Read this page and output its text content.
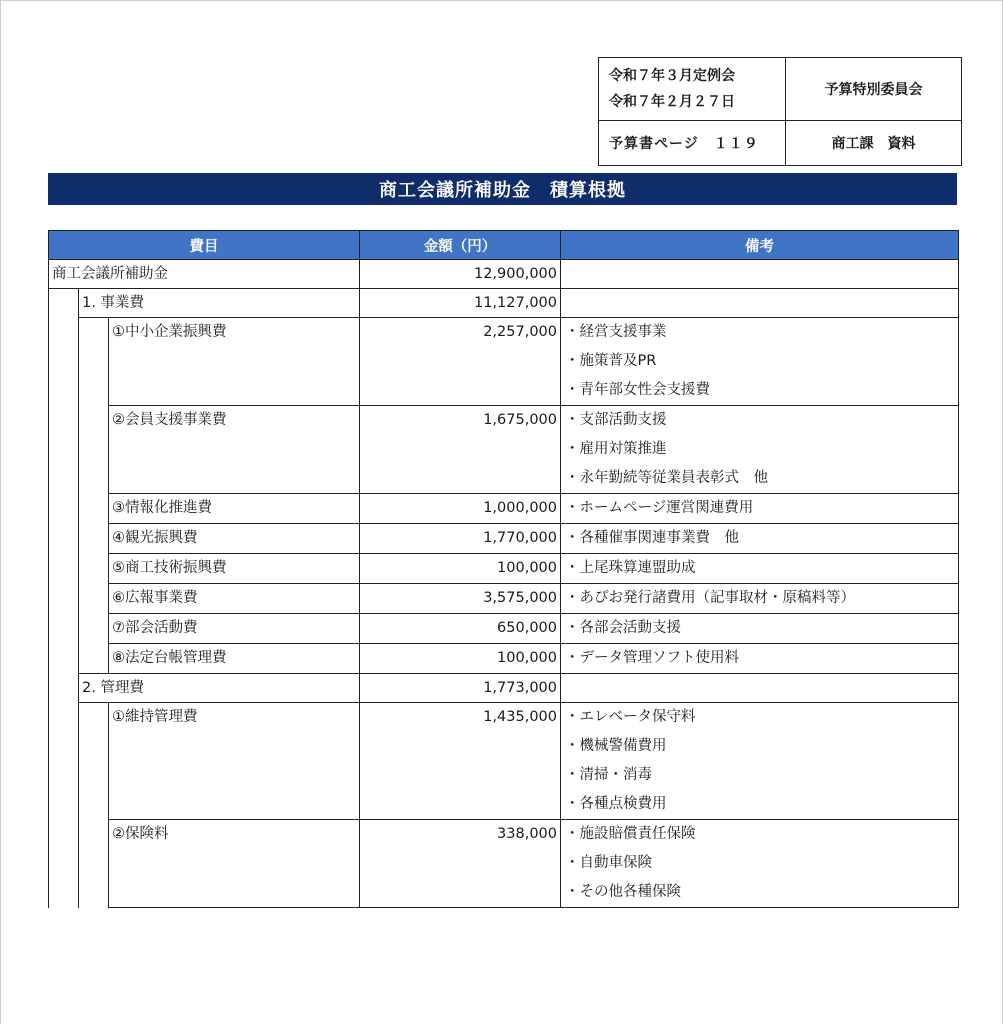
令和７年３月定例会
令和７年２月２７日	予算特別委員会
予算書ページ　１１９	商工課　資料
商工会議所補助金　積算根拠
費目			金額（円）	備考
商工会議所補助金			12,900,000	
	1. 事業費		11,127,000	
		①中小企業振興費	2,257,000	・経営支援事業
・施策普及PR
・青年部女性会支援費

		②会員支援事業費	1,675,000	・支部活動支援
・雇用対策推進
・永年勤続等従業員表彰式　他

		③情報化推進費	1,000,000	・ホームページ運営関連費用

		④観光振興費	1,770,000	・各種催事関連事業費　他

		⑤商工技術振興費	100,000	・上尾珠算連盟助成

		⑥広報事業費	3,575,000	・あぴお発行諸費用（記事取材・原稿料等）

		⑦部会活動費	650,000	・各部会活動支援

		⑧法定台帳管理費	100,000	・データ管理ソフト使用料

	2. 管理費		1,773,000	
		①維持管理費	1,435,000	・エレベータ保守料
・機械警備費用
・清掃・消毒
・各種点検費用

		②保険料	338,000	・施設賠償責任保険
・自動車保険
・その他各種保険
